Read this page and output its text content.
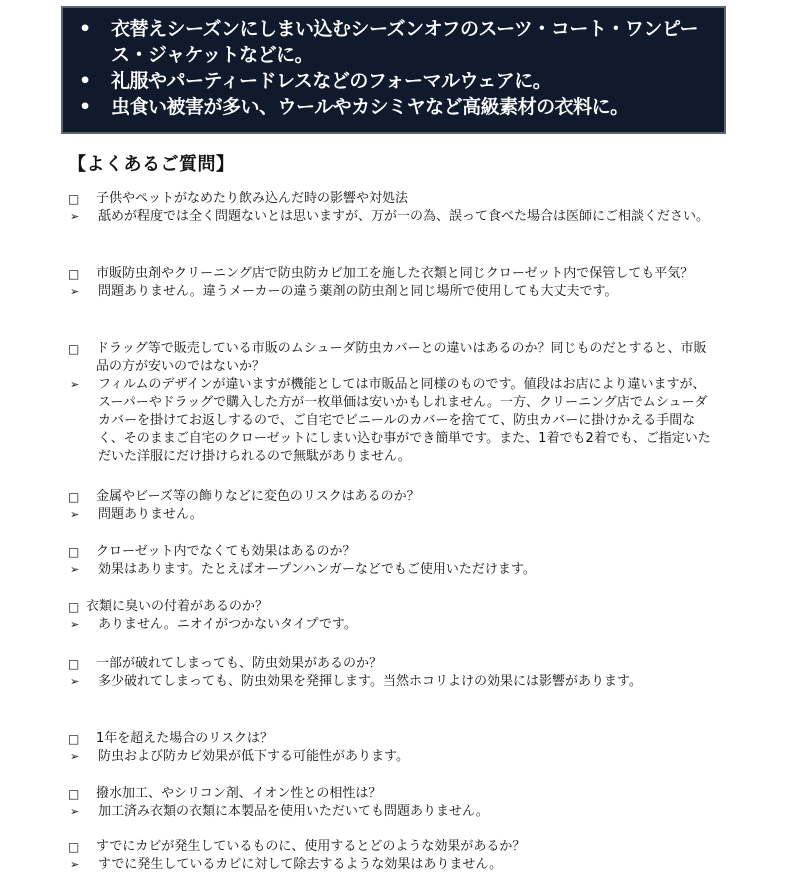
•	衣替えシーズンにしまい込むシーズンオフのスーツ・コート・ワンピース・ジャケットなどに。
•	礼服やパーティードレスなどのフォーマルウェアに。
•	虫食い被害が多い、ウールやカシミヤなど高級素材の衣料に。
【よくあるご質問】
□	子供やペットがなめたり飲み込んだ時の影響や対処法
➢	舐めが程度では全く問題ないとは思いますが、万が一の為、誤って食べた場合は医師にご相談ください。
□	市販防虫剤やクリーニング店で防虫防カビ加工を施した衣類と同じクローゼット内で保管しても平気？
➢	問題ありません。違うメーカーの違う薬剤の防虫剤と同じ場所で使用しても大丈夫です。
□	ドラッグ等で販売している市販のムシューダ防虫カバーとの違いはあるのか？同じものだとすると、市販品の方が安いのではないか？
➢	フィルムのデザインが違いますが機能としては市販品と同様のものです。値段はお店により違いますが、スーパーやドラッグで購入した方が一枚単価は安いかもしれません。一方、クリーニング店でムシューダカバーを掛けてお返しするので、ご自宅でビニールのカバーを捨てて、防虫カバーに掛けかえる手間なく、そのままご自宅のクローゼットにしまい込む事ができ簡単です。また、1着でも2着でも、ご指定いただいた洋服にだけ掛けられるので無駄がありません。
□	金属やビーズ等の飾りなどに変色のリスクはあるのか？
➢	問題ありません。
□	クローゼット内でなくても効果はあるのか？
➢	効果はあります。たとえばオープンハンガーなどでもご使用いただけます。
□ 衣類に臭いの付着があるのか？
➢	ありません。ニオイがつかないタイプです。
□	一部が破れてしまっても、防虫効果があるのか？
➢	多少破れてしまっても、防虫効果を発揮します。当然ホコリよけの効果には影響があります。
□	1年を超えた場合のリスクは？
➢	防虫および防カビ効果が低下する可能性があります。
□	撥水加工、やシリコン剤、イオン性との相性は？
➢	加工済み衣類の衣類に本製品を使用いただいても問題ありません。
□	すでにカビが発生しているものに、使用するとどのような効果があるか？
➢	すでに発生しているカビに対して除去するような効果はありません。
